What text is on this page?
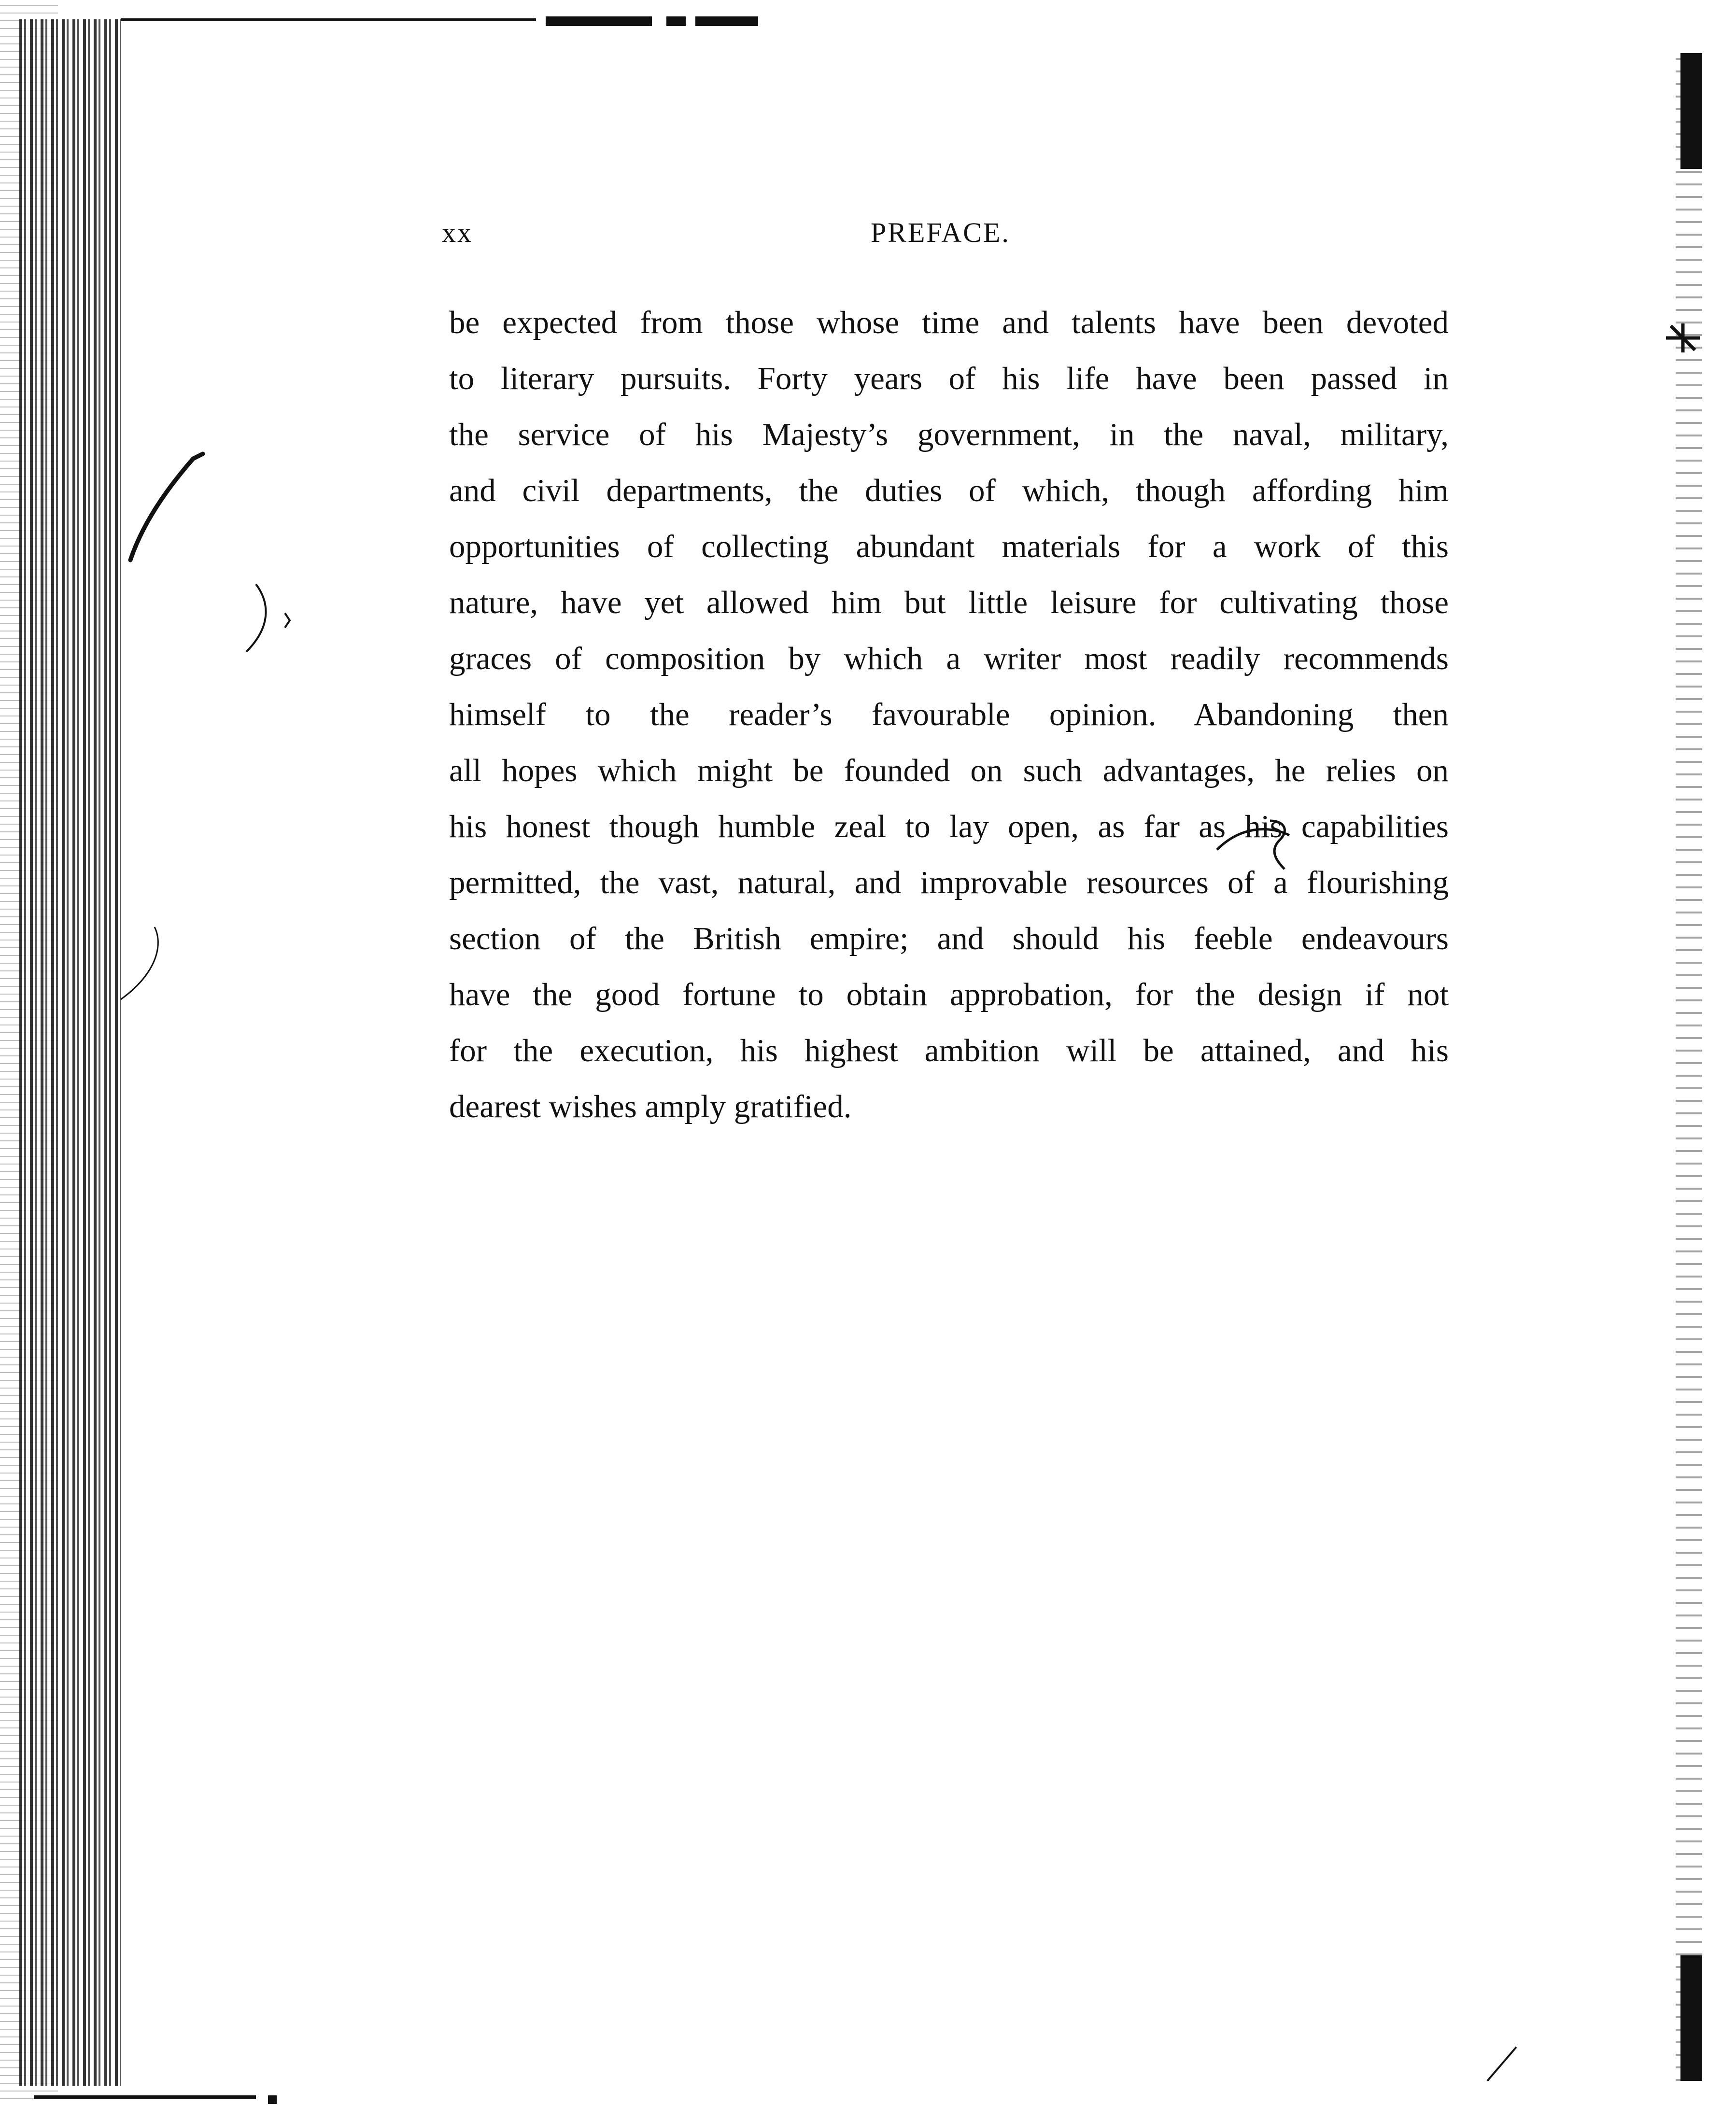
xx	PREFACE.
be expected from those whose time and talents have been devoted
to literary pursuits. Forty years of his life have been passed in
the service of his Majesty’s government, in the naval, military,
and civil departments, the duties of which, though affording him
opportunities of collecting abundant materials for a work of this
nature, have yet allowed him but little leisure for cultivating those
graces of composition by which a writer most readily recommends
himself to the reader’s favourable opinion. Abandoning then
all hopes which might be founded on such advantages, he relies on
his honest though humble zeal to lay open, as far as his capabilities
permitted, the vast, natural, and improvable resources of a flourishing
section of the British empire; and should his feeble endeavours
have the good fortune to obtain approbation, for the design if not
for the execution, his highest ambition will be attained, and his
dearest wishes amply gratified.
